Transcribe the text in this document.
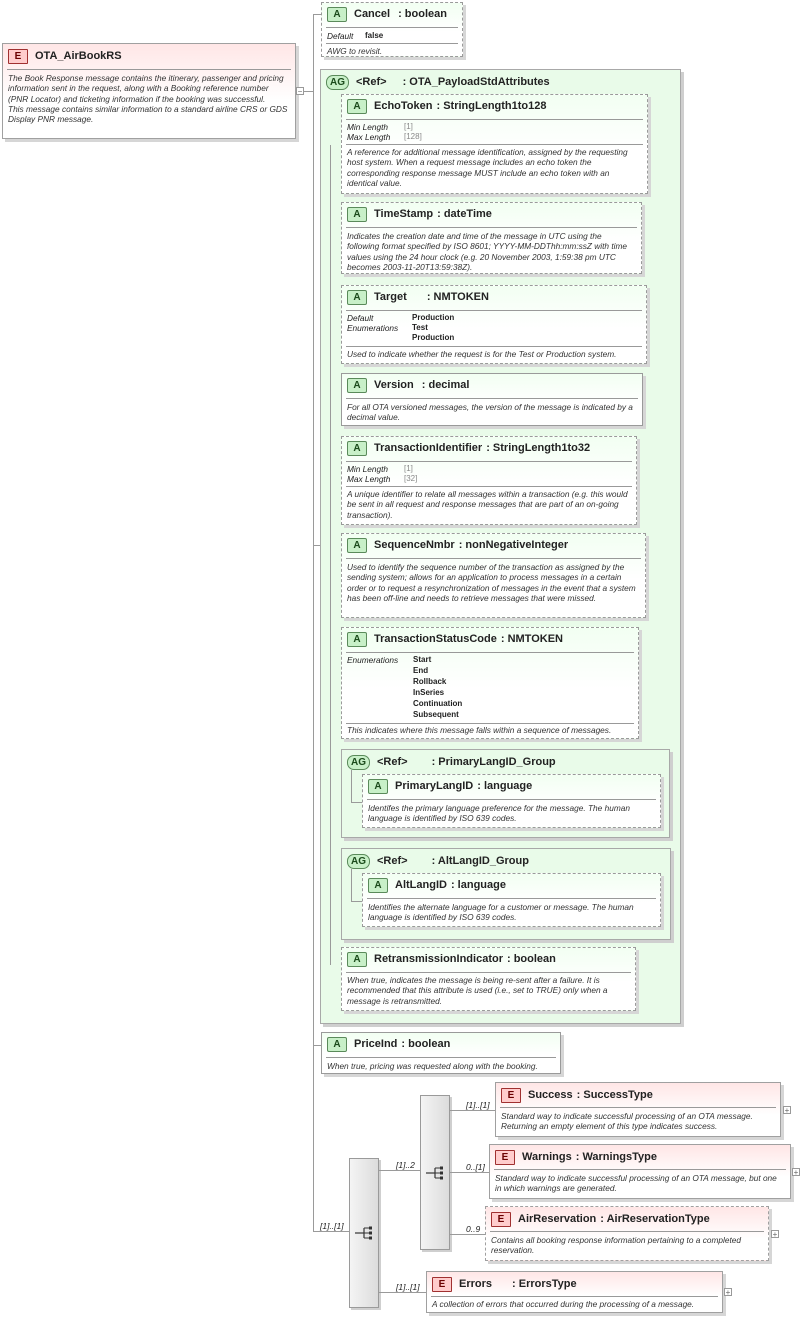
E	OTA_AirBookRS
The Book Response message contains the itinerary, passenger and pricing information sent in the request, along with a Booking reference number (PNR Locator) and ticketing information if the booking was successful.
This message contains similar information to a standard airline CRS or GDS Display PNR message.
−
A	Cancel : boolean
Default false
AWG to revisit.
AG	<Ref> : OTA_PayloadStdAttributes
A	EchoToken : StringLength1to128
Min Length [1]
Max Length [128]
A reference for additional message identification, assigned by the requesting host system. When a request message includes an echo token the corresponding response message MUST include an echo token with an identical value.
A	TimeStamp : dateTime
Indicates the creation date and time of the message in UTC using the following format specified by ISO 8601; YYYY-MM-DDThh:mm:ssZ with time values using the 24 hour clock (e.g. 20 November 2003, 1:59:38 pm UTC becomes 2003-11-20T13:59:38Z).
A	Target : NMTOKEN
Default	Production
Enumerations Test
Production
Used to indicate whether the request is for the Test or Production system.
A	Version : decimal
For all OTA versioned messages, the version of the message is indicated by a decimal value.
A	TransactionIdentifier : StringLength1to32
Min Length [1]
Max Length [32]
A unique identifier to relate all messages within a transaction (e.g. this would be sent in all request and response messages that are part of an on-going transaction).
A	SequenceNmbr : nonNegativeInteger
Used to identify the sequence number of the transaction as assigned by the sending system; allows for an application to process messages in a certain order or to request a resynchronization of messages in the event that a system has been off-line and needs to retrieve messages that were missed.
A	TransactionStatusCode : NMTOKEN
Enumerations Start
End
Rollback
InSeries
Continuation
Subsequent
This indicates where this message falls within a sequence of messages.
AG	<Ref> : PrimaryLangID_Group
A	PrimaryLangID : language
Identifes the primary language preference for the message. The human language is identified by ISO 639 codes.
AG	<Ref> : AltLangID_Group
A	AltLangID : language
Identifies the alternate language for a customer or message. The human language is identified by ISO 639 codes.
A	RetransmissionIndicator : boolean
When true, indicates the message is being re-sent after a failure. It is recommended that this attribute is used (i.e., set to TRUE) only when a message is retransmitted.
A	PriceInd : boolean
When true, pricing was requested along with the booking.
[1]..[1]
[1]..2
[1]..[1]
[1]..[1]
0..[1]
0..9
E	Success : SuccessType
Standard way to indicate successful processing of an OTA message. Returning an empty element of this type indicates success.
+
E	Warnings : WarningsType
Standard way to indicate successful processing of an OTA message, but one in which warnings are generated.
+
E	AirReservation : AirReservationType
Contains all booking response information pertaining to a completed reservation.
+
E	Errors : ErrorsType
A collection of errors that occurred during the processing of a message.
+
